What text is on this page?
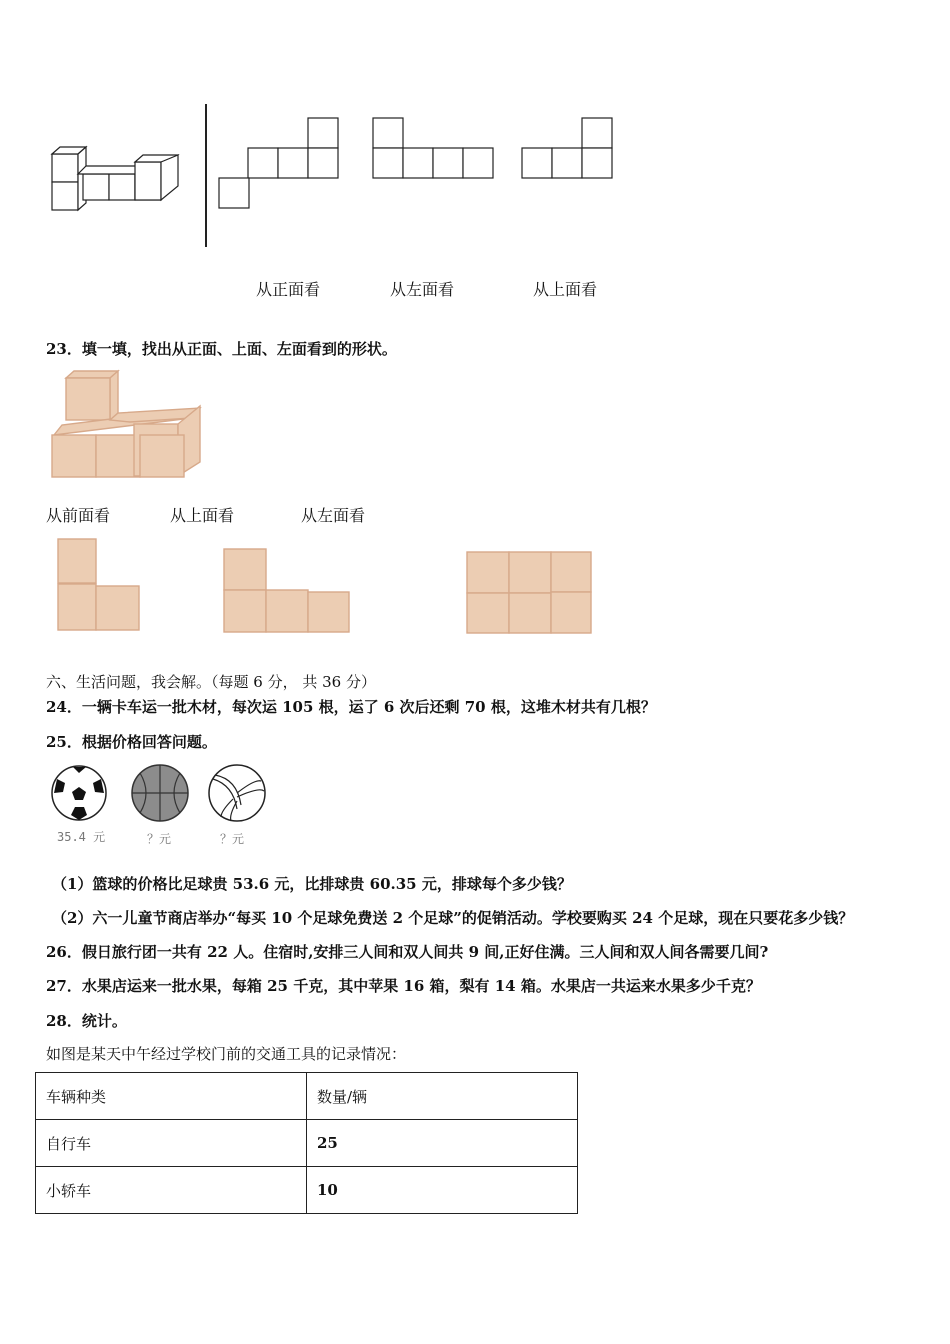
从正面看	从左面看	从上面看
23．填一填，找出从正面、上面、左面看到的形状。
从前面看	从上面看	从左面看
六、生活问题，我会解。（每题 6 分， 共 36 分）
24．一辆卡车运一批木材，每次运 105 根，运了 6 次后还剩 70 根，这堆木材共有几根？
25．根据价格回答问题。
35.4 元	？元	？元
（1）篮球的价格比足球贵 53.6 元，比排球贵 60.35 元，排球每个多少钱？
（2）六一儿童节商店举办“每买 10 个足球免费送 2 个足球”的促销活动。学校要购买 24 个足球，现在只要花多少钱？
26．假日旅行团一共有 22 人。住宿时,安排三人间和双人间共 9 间,正好住满。三人间和双人间各需要几间?
27．水果店运来一批水果，每箱 25 千克，其中苹果 16 箱，梨有 14 箱。水果店一共运来水果多少千克？
28．统计。
如图是某天中午经过学校门前的交通工具的记录情况：
车辆种类	数量/辆
自行车	25
小轿车	10
